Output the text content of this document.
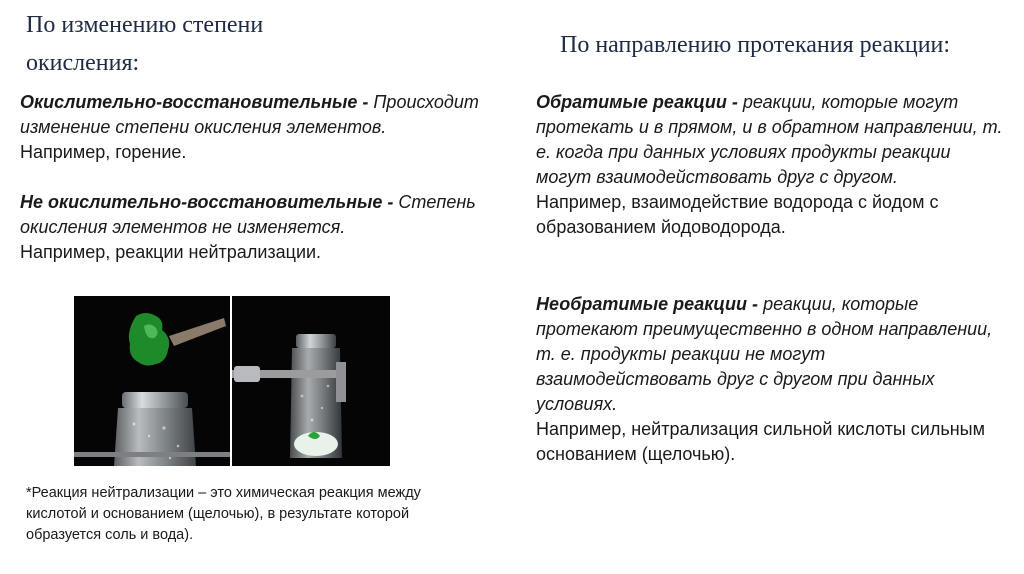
По изменению степени окисления:
По направлению протекания реакции:

Окислительно-восстановительные - Происходит изменение степени окисления элементов.
Например, горение.

Не окислительно-восстановительные - Степень окисления элементов не изменяется.
Например, реакции нейтрализации.

Обратимые реакции - реакции, которые могут протекать и в прямом, и в обратном направлении, т. е. когда при данных условиях продукты реакции могут взаимодействовать друг с другом.
Например, взаимодействие водорода с йодом с образованием йодоводорода.

Необратимые реакции - реакции, которые протекают преимущественно в одном направлении, т. е. продукты реакции не могут взаимодействовать друг с другом при данных условиях.
Например, нейтрализация сильной кислоты сильным основанием (щелочью).

*Реакция нейтрализации – это химическая реакция между кислотой и основанием (щелочью), в результате которой образуется соль и вода).
